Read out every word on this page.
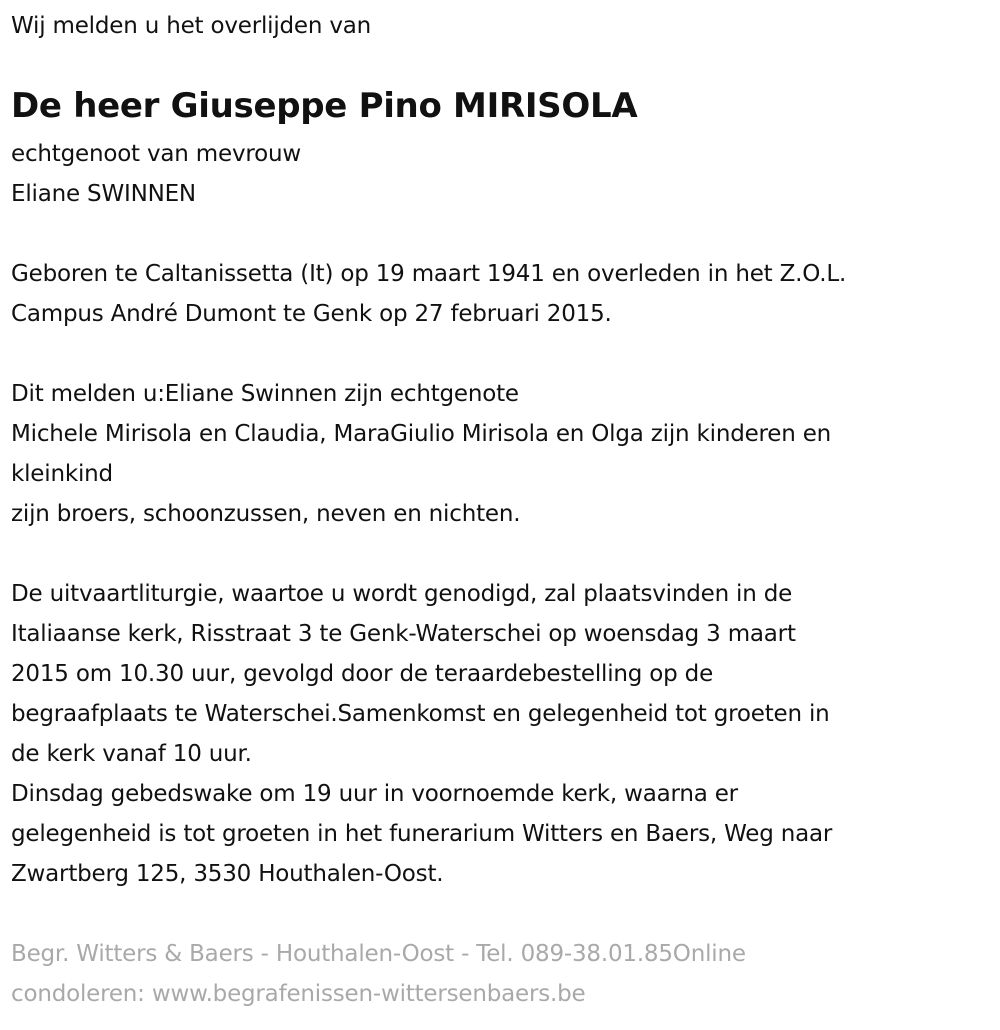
Wij melden u het overlijden van
De heer Giuseppe Pino MIRISOLA
echtgenoot van mevrouw
Eliane SWINNEN
Geboren te Caltanissetta (It) op 19 maart 1941 en overleden in het Z.O.L.
Campus André Dumont te Genk op 27 februari 2015.
Dit melden u:Eliane Swinnen zijn echtgenote
Michele Mirisola en Claudia, MaraGiulio Mirisola en Olga zijn kinderen en
kleinkind
zijn broers, schoonzussen, neven en nichten.
De uitvaartliturgie, waartoe u wordt genodigd, zal plaatsvinden in de
Italiaanse kerk, Risstraat 3 te Genk-Waterschei op woensdag 3 maart
2015 om 10.30 uur, gevolgd door de teraardebestelling op de
begraafplaats te Waterschei.Samenkomst en gelegenheid tot groeten in
de kerk vanaf 10 uur.
Dinsdag gebedswake om 19 uur in voornoemde kerk, waarna er
gelegenheid is tot groeten in het funerarium Witters en Baers, Weg naar
Zwartberg 125, 3530 Houthalen-Oost.
Begr. Witters & Baers - Houthalen-Oost - Tel. 089-38.01.85Online
condoleren: www.begrafenissen-wittersenbaers.be
